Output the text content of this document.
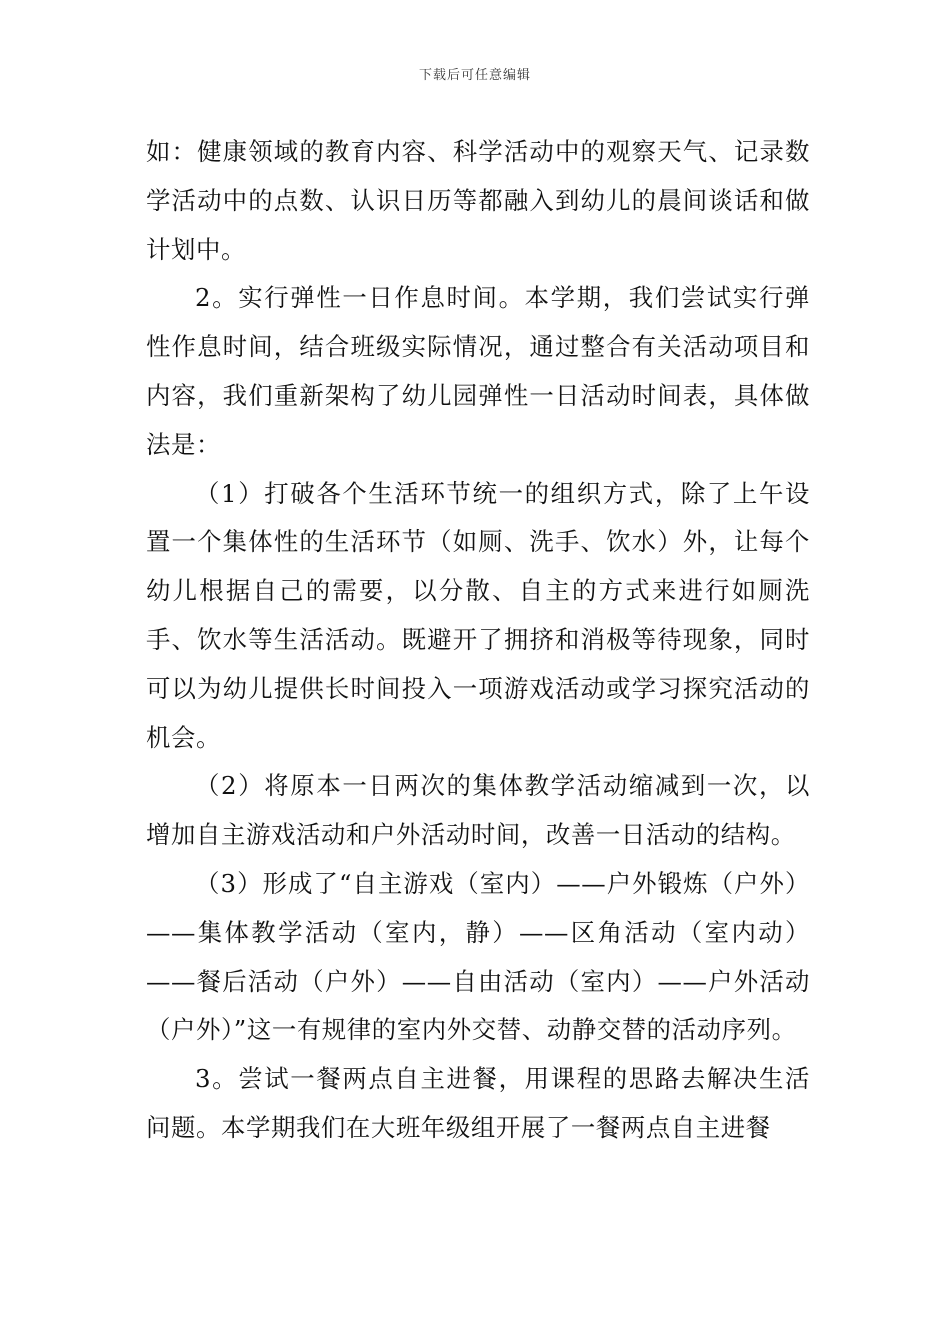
下载后可任意编辑

如：健康领域的教育内容、科学活动中的观察天气、记录数学活动中的点数、认识日历等都融入到幼儿的晨间谈话和做计划中。

2。实行弹性一日作息时间。本学期，我们尝试实行弹性作息时间，结合班级实际情况，通过整合有关活动项目和内容，我们重新架构了幼儿园弹性一日活动时间表，具体做法是：

（1）打破各个生活环节统一的组织方式，除了上午设置一个集体性的生活环节（如厕、洗手、饮水）外，让每个幼儿根据自己的需要，以分散、自主的方式来进行如厕洗手、饮水等生活活动。既避开了拥挤和消极等待现象，同时可以为幼儿提供长时间投入一项游戏活动或学习探究活动的机会。

（2）将原本一日两次的集体教学活动缩减到一次，以增加自主游戏活动和户外活动时间，改善一日活动的结构。

（3）形成了“自主游戏（室内）——户外锻炼（户外）——集体教学活动（室内，静）——区角活动（室内动）——餐后活动（户外）——自由活动（室内）——户外活动（户外）”这一有规律的室内外交替、动静交替的活动序列。

3。尝试一餐两点自主进餐，用课程的思路去解决生活问题。本学期我们在大班年级组开展了一餐两点自主进餐
